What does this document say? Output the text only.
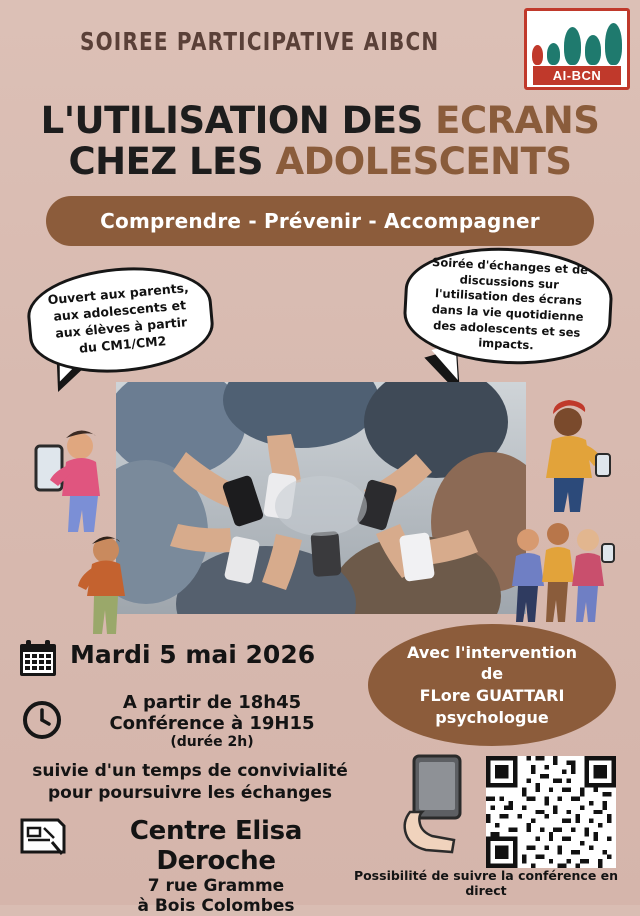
AI-BCN
SOIREE PARTICIPATIVE AIBCN
L'UTILISATION DES ECRANS
CHEZ LES ADOLESCENTS
Comprendre - Prévenir - Accompagner
Ouvert aux parents, aux adolescents et aux élèves à partir du CM1/CM2
Soirée d'échanges et de discussions sur l'utilisation des écrans dans la vie quotidienne des adolescents et ses impacts.
Avec l'intervention
de
FLore GUATTARI
psychologue
Mardi 5 mai 2026
A partir de 18h45
Conférence à 19H15
(durée 2h)
suivie d'un temps de convivialité
pour poursuivre les échanges
Centre Elisa Deroche
7 rue Gramme
à Bois Colombes
Possibilité de suivre la conférence en direct
